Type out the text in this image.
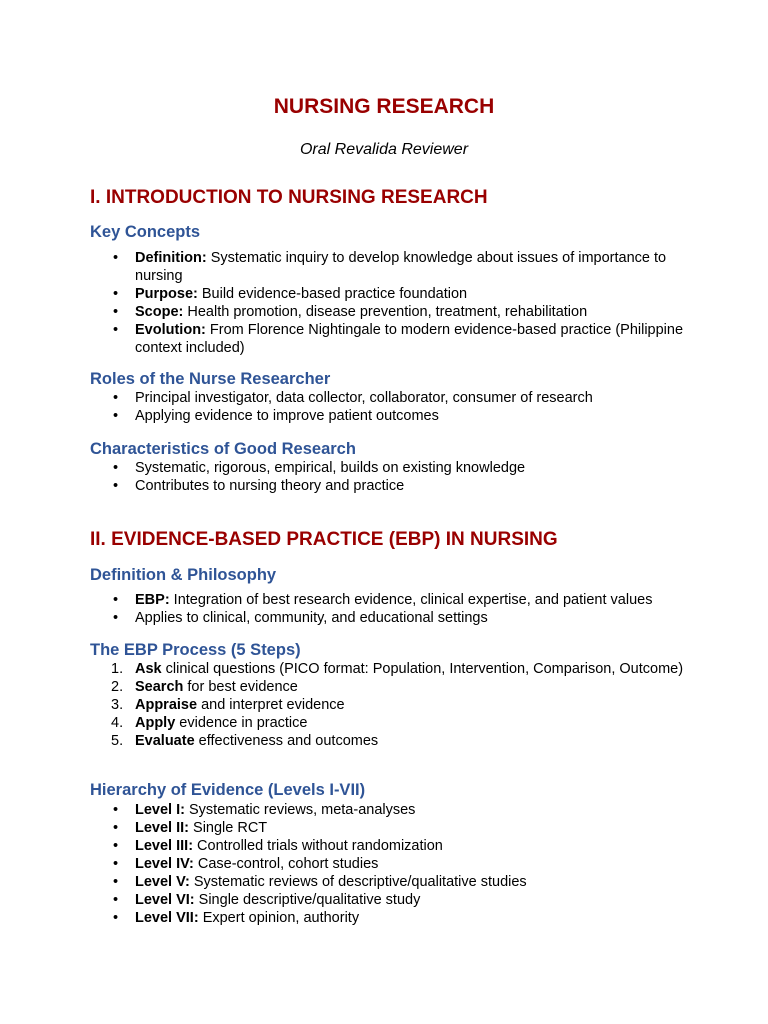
NURSING RESEARCH

Oral Revalida Reviewer

I. INTRODUCTION TO NURSING RESEARCH
Key Concepts
• Definition: Systematic inquiry to develop knowledge about issues of importance to nursing
• Purpose: Build evidence-based practice foundation
• Scope: Health promotion, disease prevention, treatment, rehabilitation
• Evolution: From Florence Nightingale to modern evidence-based practice (Philippine context included)
Roles of the Nurse Researcher
• Principal investigator, data collector, collaborator, consumer of research
• Applying evidence to improve patient outcomes
Characteristics of Good Research
• Systematic, rigorous, empirical, builds on existing knowledge
• Contributes to nursing theory and practice
II. EVIDENCE-BASED PRACTICE (EBP) IN NURSING
Definition & Philosophy
• EBP: Integration of best research evidence, clinical expertise, and patient values
• Applies to clinical, community, and educational settings
The EBP Process (5 Steps)
1. Ask clinical questions (PICO format: Population, Intervention, Comparison, Outcome)
2. Search for best evidence
3. Appraise and interpret evidence
4. Apply evidence in practice
5. Evaluate effectiveness and outcomes
Hierarchy of Evidence (Levels I-VII)
• Level I: Systematic reviews, meta-analyses
• Level II: Single RCT
• Level III: Controlled trials without randomization
• Level IV: Case-control, cohort studies
• Level V: Systematic reviews of descriptive/qualitative studies
• Level VI: Single descriptive/qualitative study
• Level VII: Expert opinion, authority
